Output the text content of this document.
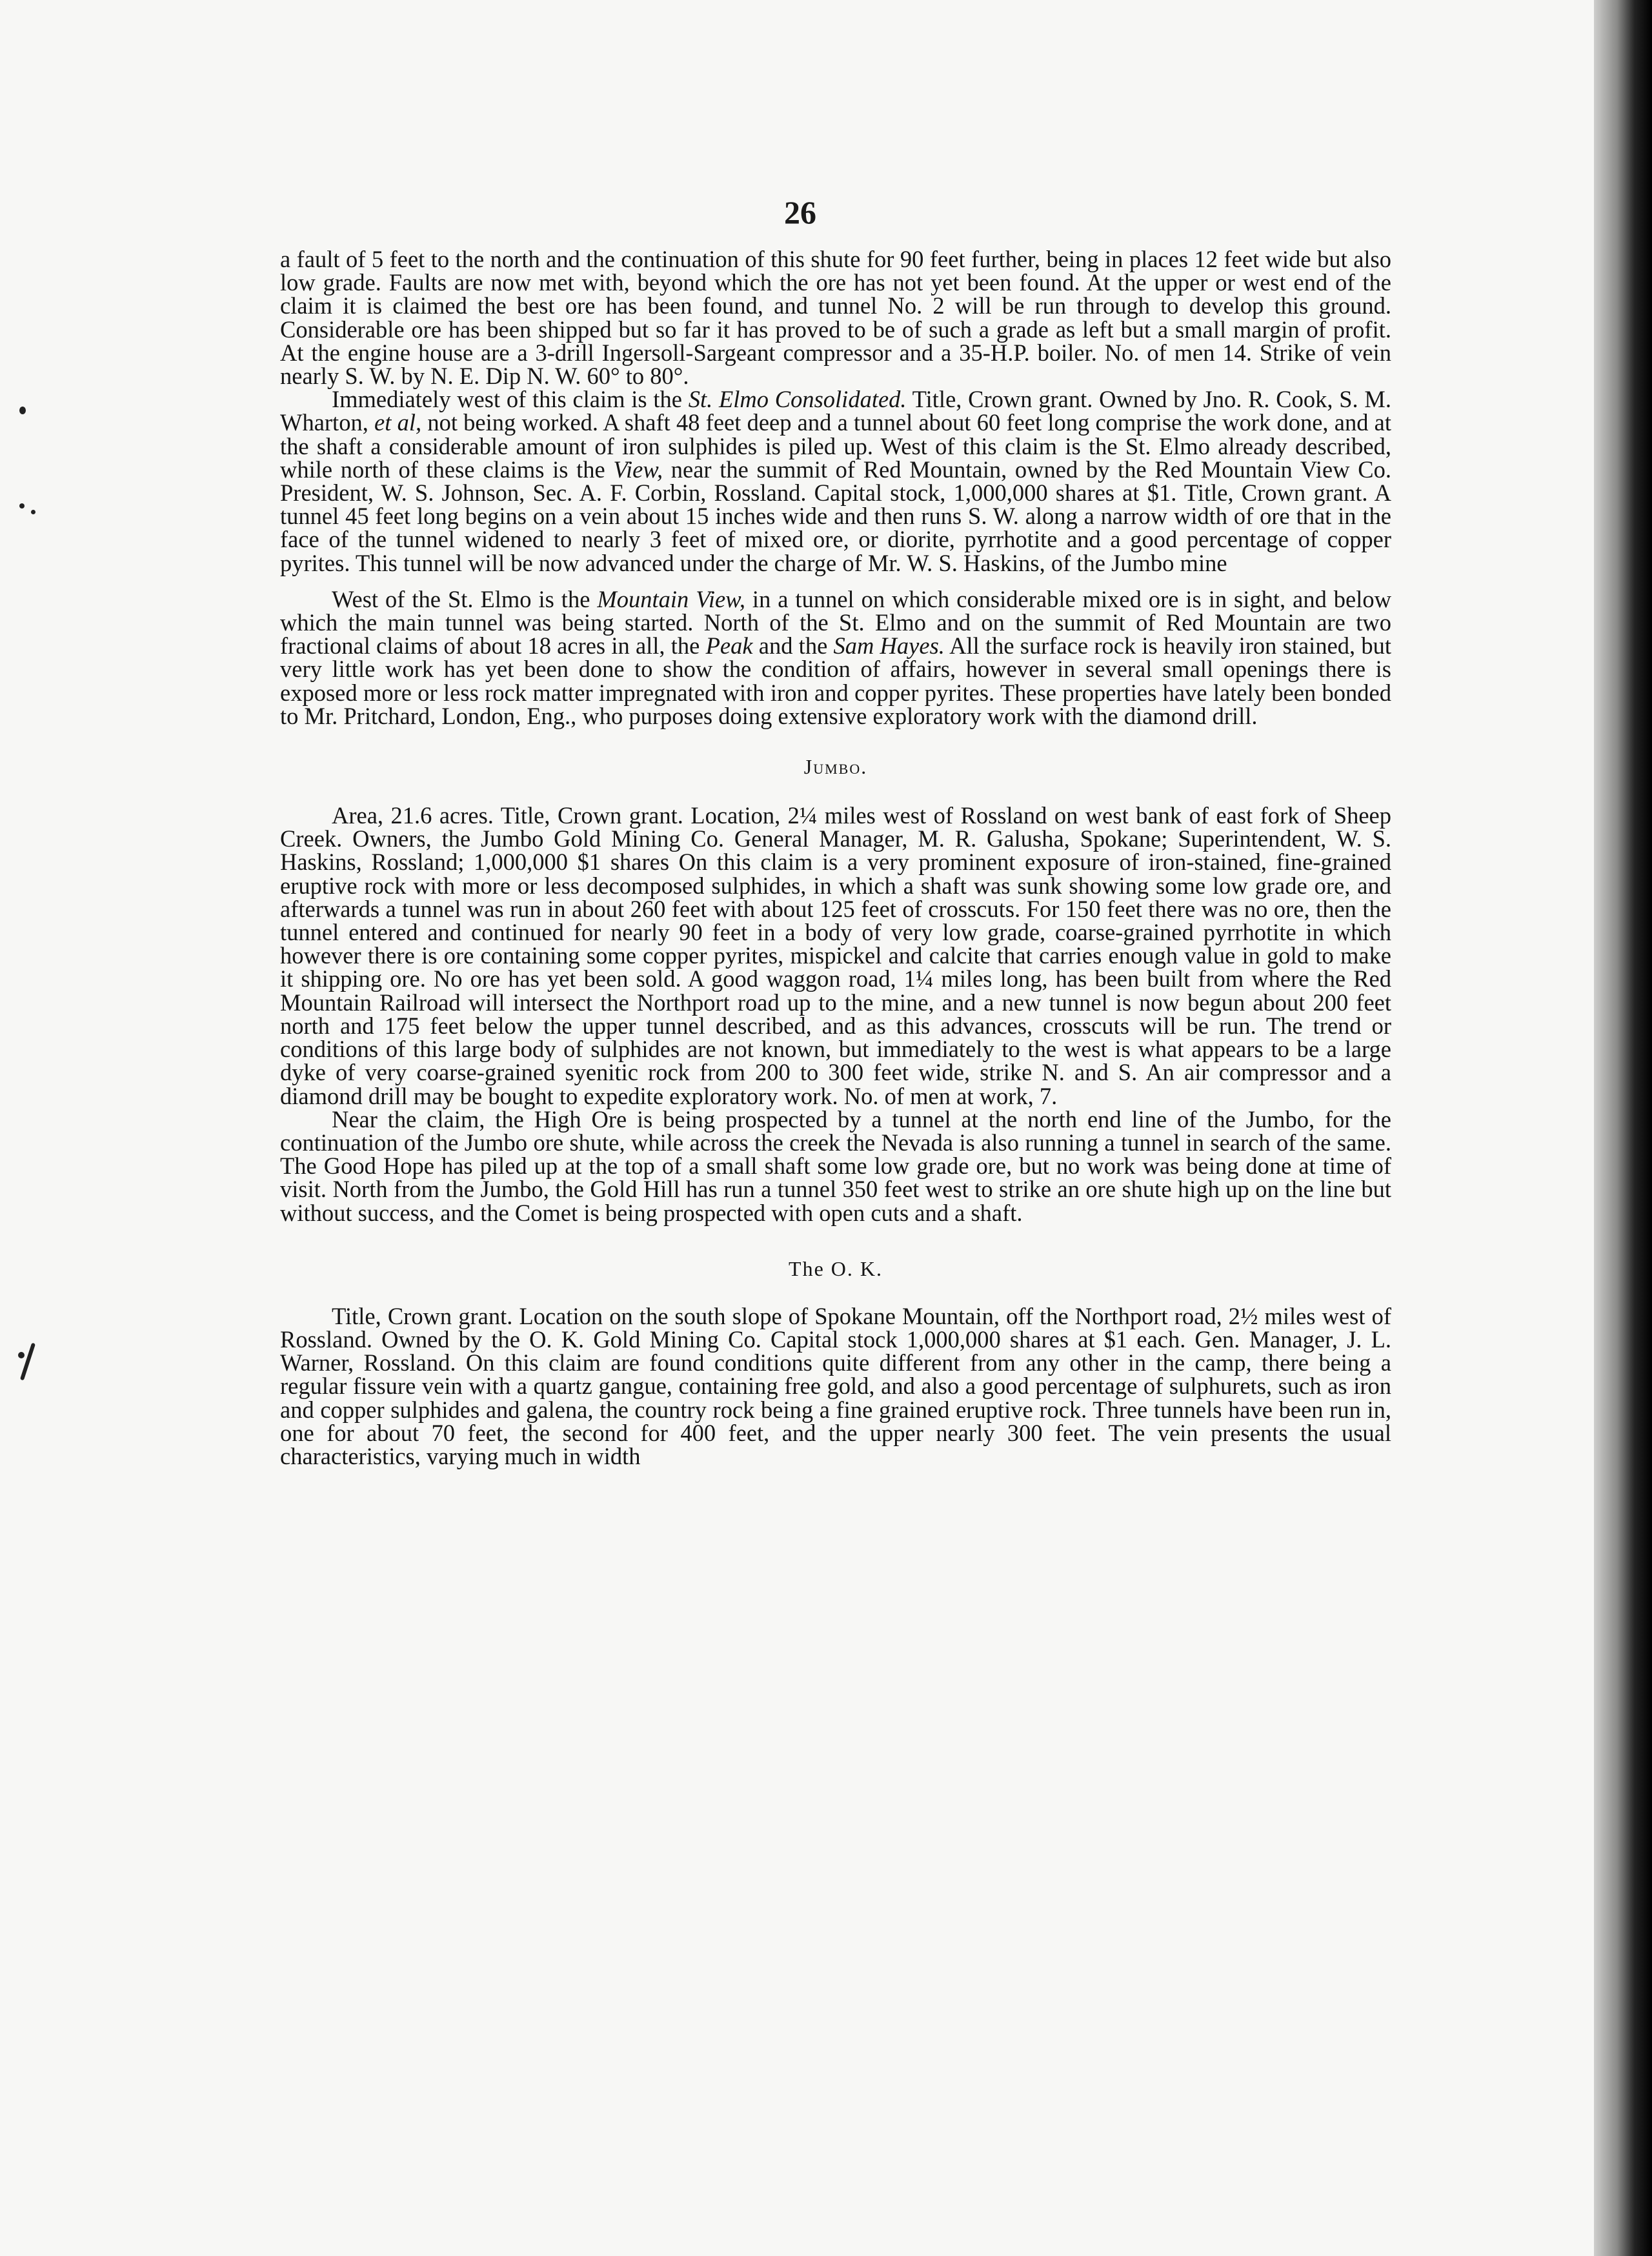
26

a fault of 5 feet to the north and the continuation of this shute for 90 feet further, being in places 12 feet wide but also low grade. Faults are now met with, beyond which the ore has not yet been found. At the upper or west end of the claim it is claimed the best ore has been found, and tunnel No. 2 will be run through to develop this ground. Considerable ore has been shipped but so far it has proved to be of such a grade as left but a small margin of profit. At the engine house are a 3-drill Ingersoll-Sargeant compressor and a 35-H.P. boiler. No. of men 14. Strike of vein nearly S. W. by N. E. Dip N. W. 60° to 80°.

Immediately west of this claim is the St. Elmo Consolidated. Title, Crown grant. Owned by Jno. R. Cook, S. M. Wharton, et al, not being worked. A shaft 48 feet deep and a tunnel about 60 feet long comprise the work done, and at the shaft a considerable amount of iron sulphides is piled up. West of this claim is the St. Elmo already described, while north of these claims is the View, near the summit of Red Mountain, owned by the Red Mountain View Co. President, W. S. Johnson, Sec. A. F. Corbin, Rossland. Capital stock, 1,000,000 shares at $1. Title, Crown grant. A tunnel 45 feet long begins on a vein about 15 inches wide and then runs S. W. along a narrow width of ore that in the face of the tunnel widened to nearly 3 feet of mixed ore, or diorite, pyrrhotite and a good percentage of copper pyrites. This tunnel will be now advanced under the charge of Mr. W. S. Haskins, of the Jumbo mine

West of the St. Elmo is the Mountain View, in a tunnel on which considerable mixed ore is in sight, and below which the main tunnel was being started. North of the St. Elmo and on the summit of Red Mountain are two fractional claims of about 18 acres in all, the Peak and the Sam Hayes. All the surface rock is heavily iron stained, but very little work has yet been done to show the condition of affairs, however in several small openings there is exposed more or less rock matter impregnated with iron and copper pyrites. These properties have lately been bonded to Mr. Pritchard, London, Eng., who purposes doing extensive exploratory work with the diamond drill.

Jumbo.

Area, 21.6 acres. Title, Crown grant. Location, 2¼ miles west of Rossland on west bank of east fork of Sheep Creek. Owners, the Jumbo Gold Mining Co. General Manager, M. R. Galusha, Spokane; Superintendent, W. S. Haskins, Rossland; 1,000,000 $1 shares On this claim is a very prominent exposure of iron-stained, fine-grained eruptive rock with more or less decomposed sulphides, in which a shaft was sunk showing some low grade ore, and afterwards a tunnel was run in about 260 feet with about 125 feet of crosscuts. For 150 feet there was no ore, then the tunnel entered and continued for nearly 90 feet in a body of very low grade, coarse-grained pyrrhotite in which however there is ore containing some copper pyrites, mispickel and calcite that carries enough value in gold to make it shipping ore. No ore has yet been sold. A good waggon road, 1¼ miles long, has been built from where the Red Mountain Railroad will intersect the Northport road up to the mine, and a new tunnel is now begun about 200 feet north and 175 feet below the upper tunnel described, and as this advances, crosscuts will be run. The trend or conditions of this large body of sulphides are not known, but immediately to the west is what appears to be a large dyke of very coarse-grained syenitic rock from 200 to 300 feet wide, strike N. and S. An air compressor and a diamond drill may be bought to expedite exploratory work. No. of men at work, 7.

Near the claim, the High Ore is being prospected by a tunnel at the north end line of the Jumbo, for the continuation of the Jumbo ore shute, while across the creek the Nevada is also running a tunnel in search of the same. The Good Hope has piled up at the top of a small shaft some low grade ore, but no work was being done at time of visit. North from the Jumbo, the Gold Hill has run a tunnel 350 feet west to strike an ore shute high up on the line but without success, and the Comet is being prospected with open cuts and a shaft.

The O. K.

Title, Crown grant. Location on the south slope of Spokane Mountain, off the Northport road, 2½ miles west of Rossland. Owned by the O. K. Gold Mining Co. Capital stock 1,000,000 shares at $1 each. Gen. Manager, J. L. Warner, Rossland. On this claim are found conditions quite different from any other in the camp, there being a regular fissure vein with a quartz gangue, containing free gold, and also a good percentage of sulphurets, such as iron and copper sulphides and galena, the country rock being a fine grained eruptive rock. Three tunnels have been run in, one for about 70 feet, the second for 400 feet, and the upper nearly 300 feet. The vein presents the usual characteristics, varying much in width
